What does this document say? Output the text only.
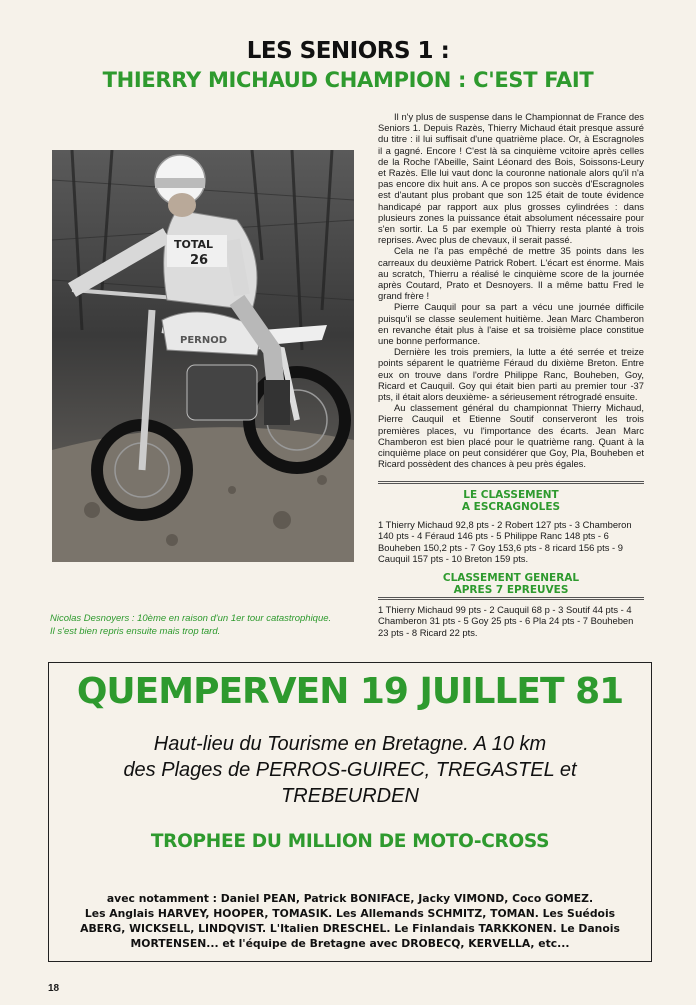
LES SENIORS 1 :
THIERRY MICHAUD CHAMPION : C'EST FAIT
PERNOD
TOTAL
26
Nicolas Desnoyers : 10ème en raison d'un 1er tour catastrophique.
Il s'est bien repris ensuite mais trop tard.

Il n'y plus de suspense dans le Championnat de France des Seniors 1. Depuis Razès, Thierry Michaud était presque assuré du titre : il lui suffisait d'une quatrième place. Or, à Escragnoles il a gagné. Encore ! C'est là sa cinquième vcitoire après celles de la Roche l'Abeille, Saint Léonard des Bois, Soissons-Leury et Razès. Elle lui vaut donc la couronne nationale alors qu'il n'a pas encore dix huit ans. A ce propos son succès d'Escragnoles est d'autant plus probant que son 125 était de toute évidence handicapé par rapport aux plus grosses cylindrées : dans plusieurs zones la puissance était absolument nécessaire pour s'en sortir. La 5 par exemple où Thierry resta planté à trois reprises. Avec plus de chevaux, il serait passé.

Cela ne l'a pas empêché de mettre 35 points dans les carreaux du deuxième Patrick Robert. L'écart est énorme. Mais au scratch, Thierru a réalisé le cinquième score de la journée après Coutard, Prato et Desnoyers. Il a même battu Fred le grand frère !

Pierre Cauquil pour sa part a vécu une journée difficile puisqu'il se classe seulement huitième. Jean Marc Chamberon en revanche était plus à l'aise et sa troisième place constitue une bonne performance.

Dernière les trois premiers, la lutte a été serrée et treize points séparent le quatrième Féraud du dixième Breton. Entre eux on trouve dans l'ordre Philippe Ranc, Bouheben, Goy, Ricard et Cauquil. Goy qui était bien parti au premier tour -37 pts, il était alors deuxième- a sérieusement rétrogradé ensuite.

Au classement général du championnat Thierry Michaud, Pierre Cauquil et Etienne Soutif conserveront les trois premières places, vu l'importance des écarts. Jean Marc Chamberon est bien placé pour le quatrième rang. Quant à la cinquième place on peut considérer que Goy, Pla, Bouheben et Ricard possèdent des chances à peu près égales.

LE CLASSEMENT
A ESCRAGNOLES
1 Thierry Michaud 92,8 pts - 2 Robert 127 pts - 3 Chamberon 140 pts - 4 Féraud 146 pts - 5 Philippe Ranc 148 pts - 6 Bouheben 150,2 pts - 7 Goy 153,6 pts - 8 ricard 156 pts - 9 Cauquil 157 pts - 10 Breton 159 pts.
CLASSEMENT GENERAL
APRES 7 EPREUVES
1 Thierry Michaud 99 pts - 2 Cauquil 68 p - 3 Soutif 44 pts - 4 Chamberon 31 pts - 5 Goy 25 pts - 6 Pla 24 pts - 7 Bouheben 23 pts - 8 Ricard 22 pts.
QUEMPERVEN 19 JUILLET 81
Haut-lieu du Tourisme en Bretagne. A 10 km
des Plages de PERROS-GUIREC, TREGASTEL et
TREBEURDEN
TROPHEE DU MILLION DE MOTO-CROSS
avec notamment : Daniel PEAN, Patrick BONIFACE, Jacky VIMOND, Coco GOMEZ.
Les Anglais HARVEY, HOOPER, TOMASIK. Les Allemands SCHMITZ, TOMAN. Les Suédois
ABERG, WICKSELL, LINDQVIST. L'Italien DRESCHEL. Le Finlandais TARKKONEN. Le Danois
MORTENSEN... et l'équipe de Bretagne avec DROBECQ, KERVELLA, etc...
18
